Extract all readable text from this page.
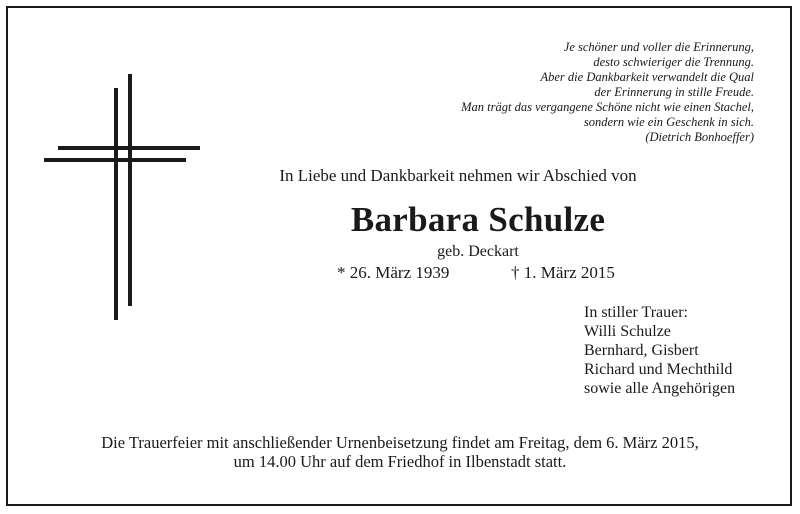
Je schöner und voller die Erinnerung,
desto schwieriger die Trennung.
Aber die Dankbarkeit verwandelt die Qual
der Erinnerung in stille Freude.
Man trägt das vergangene Schöne nicht wie einen Stachel,
sondern wie ein Geschenk in sich.
(Dietrich Bonhoeffer)
In Liebe und Dankbarkeit nehmen wir Abschied von
Barbara Schulze
geb. Deckart
* 26. März 1939	† 1. März 2015
In stiller Trauer:
Willi Schulze
Bernhard, Gisbert
Richard und Mechthild
sowie alle Angehörigen
Die Trauerfeier mit anschließender Urnenbeisetzung findet am Freitag, dem 6. März 2015,
um 14.00 Uhr auf dem Friedhof in Ilbenstadt statt.
